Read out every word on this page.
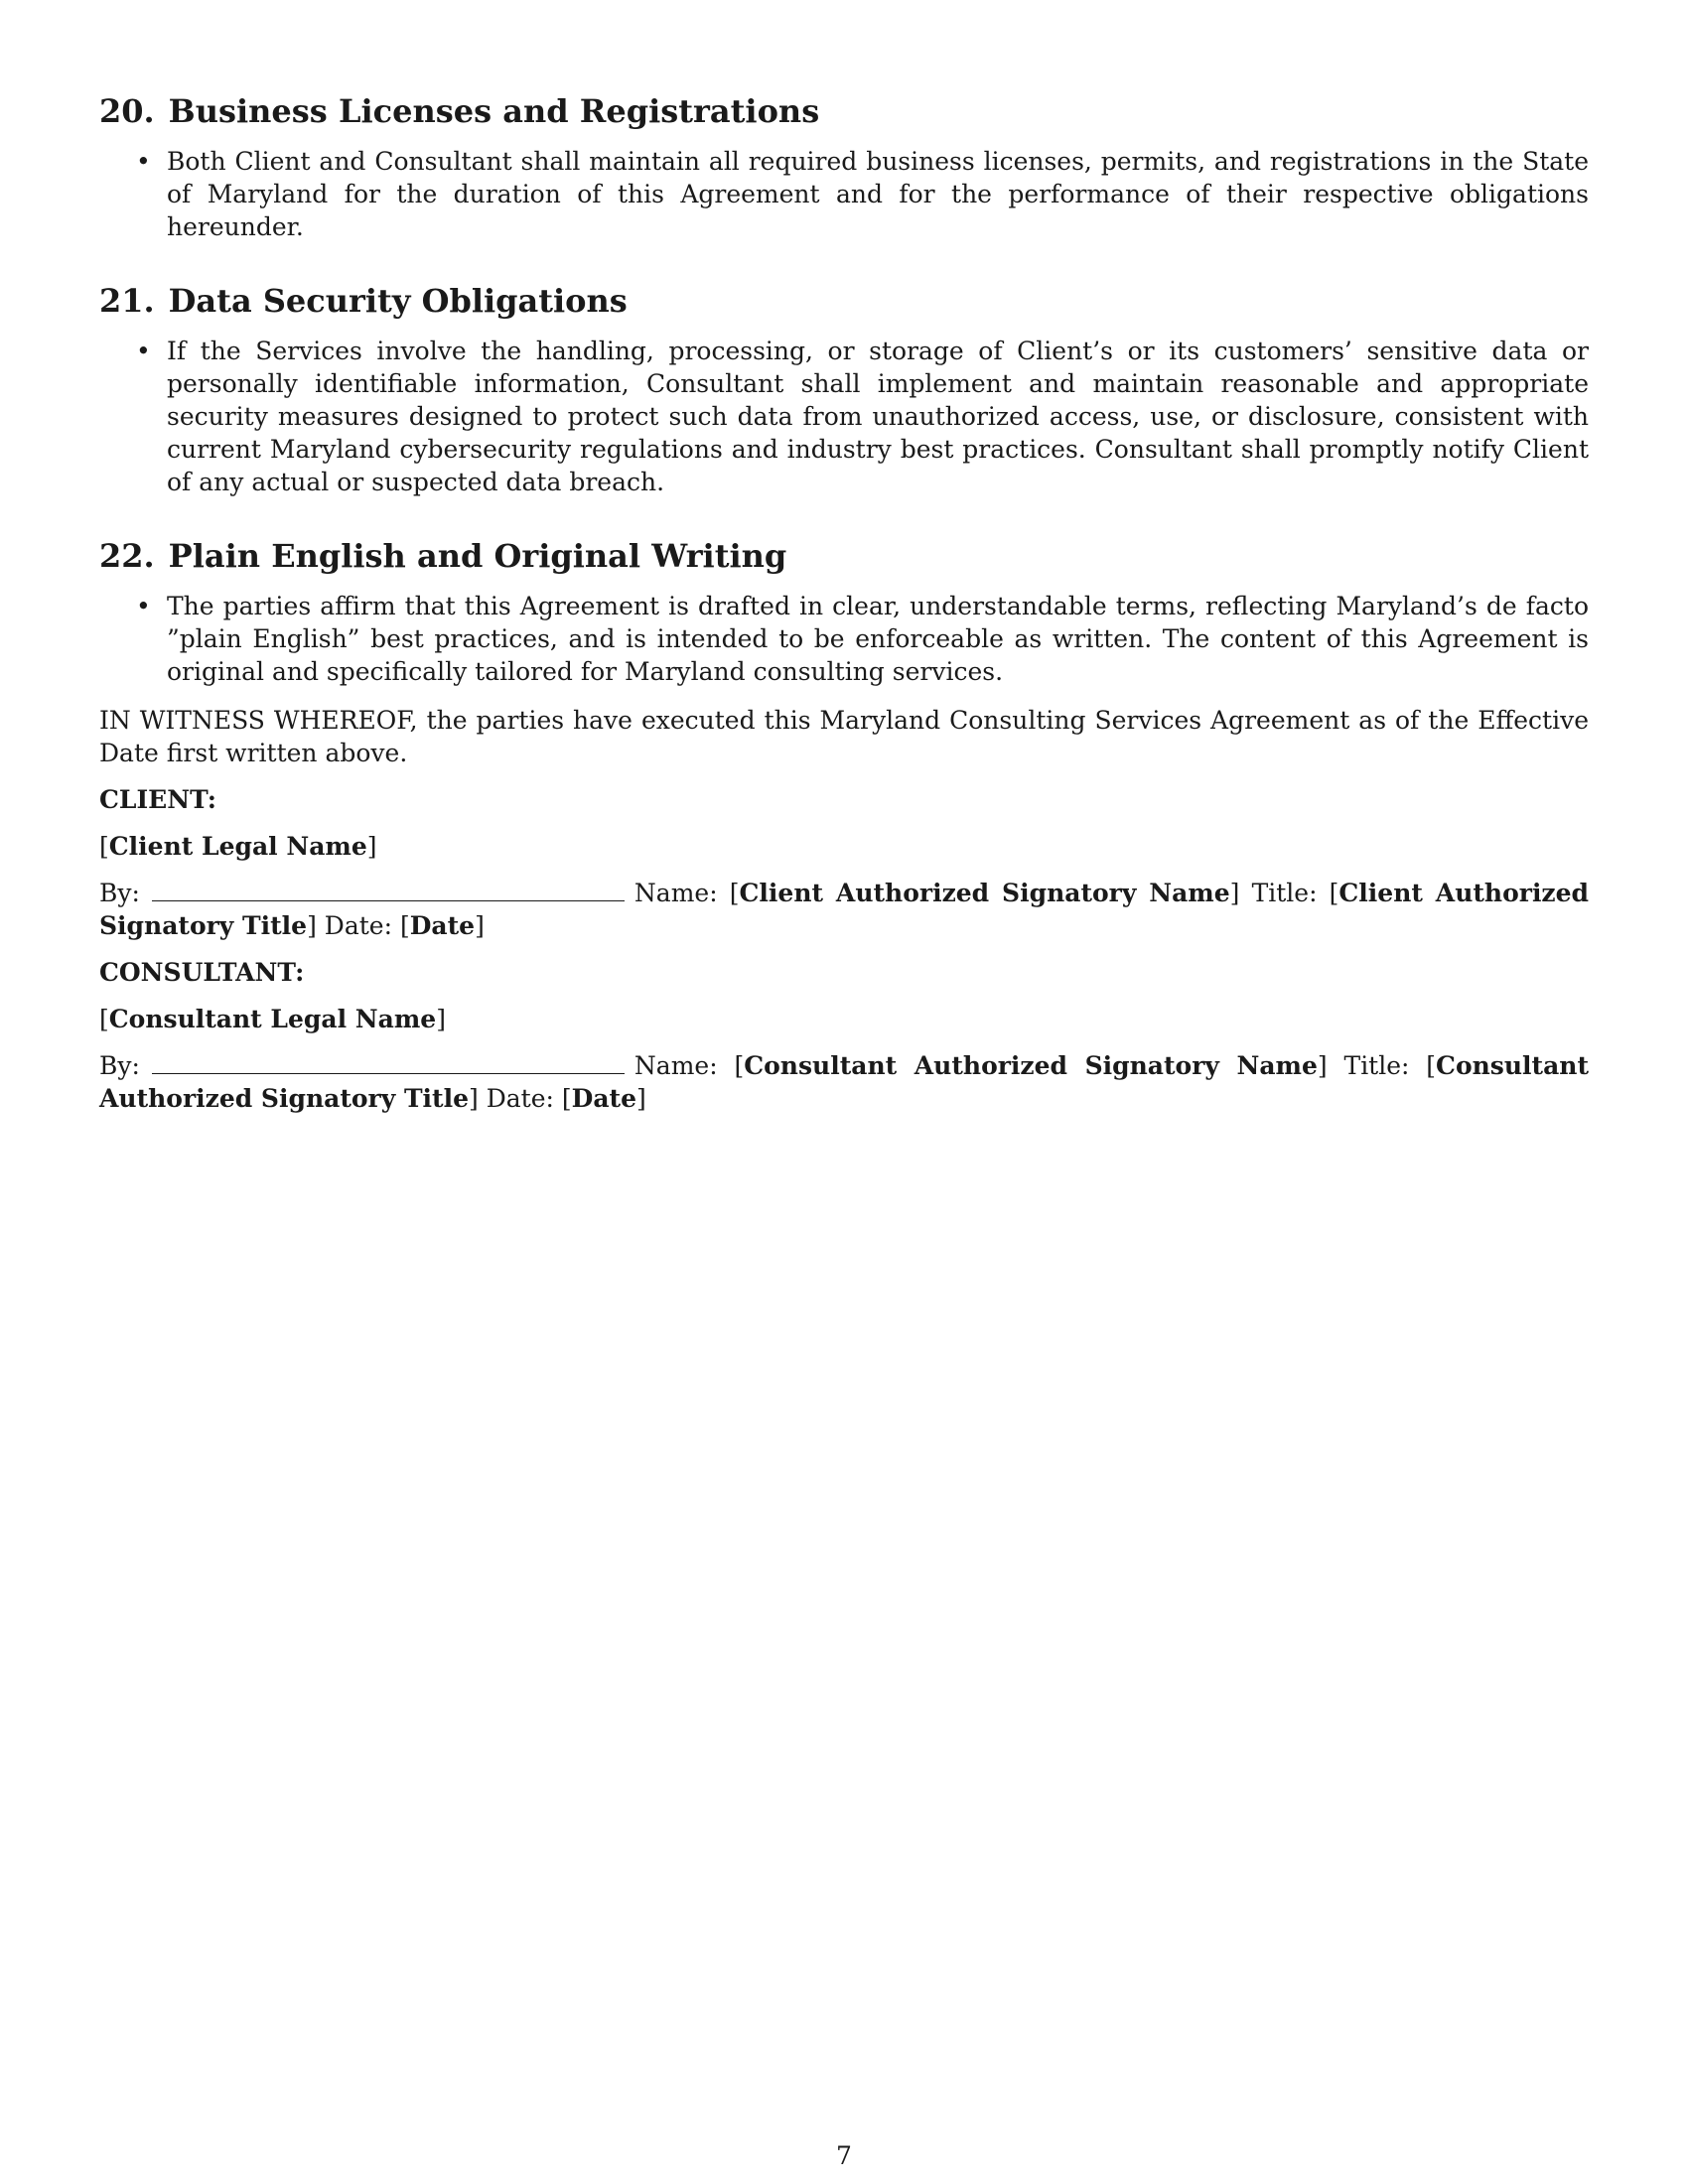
20. Business Licenses and Registrations
• Both Client and Consultant shall maintain all required business licenses, permits, and registrations in the State of Maryland for the duration of this Agreement and for the performance of their respective obligations hereunder.
21. Data Security Obligations
• If the Services involve the handling, processing, or storage of Client’s or its customers’ sensitive data or personally identifiable information, Consultant shall implement and maintain reasonable and appropriate security measures designed to protect such data from unauthorized access, use, or disclosure, consistent with current Maryland cybersecurity regulations and industry best practices. Consultant shall promptly notify Client of any actual or suspected data breach.
22. Plain English and Original Writing
• The parties affirm that this Agreement is drafted in clear, understandable terms, reflecting Maryland’s de facto ”plain English” best practices, and is intended to be enforceable as written. The content of this Agreement is original and specifically tailored for Maryland consulting services.

IN WITNESS WHEREOF, the parties have executed this Maryland Consulting Services Agreement as of the Effective Date first written above.

CLIENT:

[Client Legal Name]

By:	Name: [Client Authorized Signatory Name] Title: [Client Authorized Signatory Title] Date: [Date]

CONSULTANT:

[Consultant Legal Name]

By:	Name: [Consultant Authorized Signatory Name] Title: [Consultant Authorized Signatory Title] Date: [Date]

7
